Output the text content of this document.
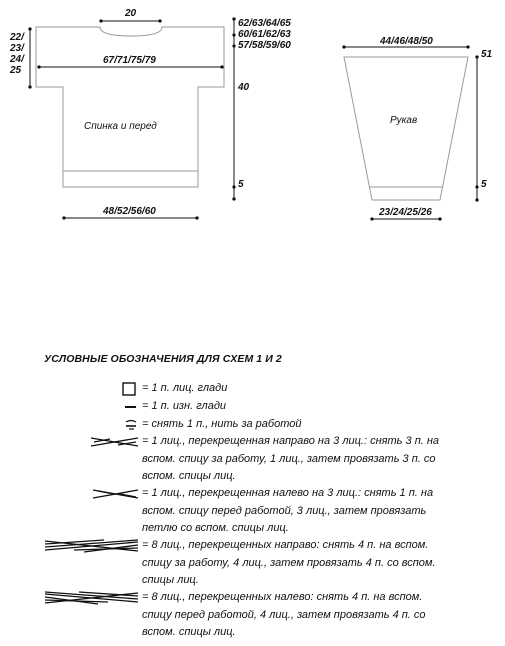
20
67/71/75/79
22/
23/
24/
25
62/63/64/65
60/61/62/63
57/58/59/60
40
5
Спинка и перед
48/52/56/60
44/46/48/50
51
5
Рукав
23/24/25/26
УСЛОВНЫЕ ОБОЗНАЧЕНИЯ ДЛЯ СХЕМ 1 И 2
= 1 п. лиц. глади
= 1 п. изн. глади
= снять 1 п., нить за работой
= 1 лиц., перекрещенная направо на 3 лиц.: снять 3 п. на
вспом. спицу за работу, 1 лиц., затем провязать 3 п. со
вспом. спицы лиц.
= 1 лиц., перекрещенная налево на 3 лиц.: снять 1 п. на
вспом. спицу перед работой, 3 лиц., затем провязать
петлю со вспом. спицы лиц.
= 8 лиц., перекрещенных направо: снять 4 п. на вспом.
спицу за работу, 4 лиц., затем провязать 4 п. со вспом.
спицы лиц.
= 8 лиц., перекрещенных налево: снять 4 п. на вспом.
спицу перед работой, 4 лиц., затем провязать 4 п. со
вспом. спицы лиц.
